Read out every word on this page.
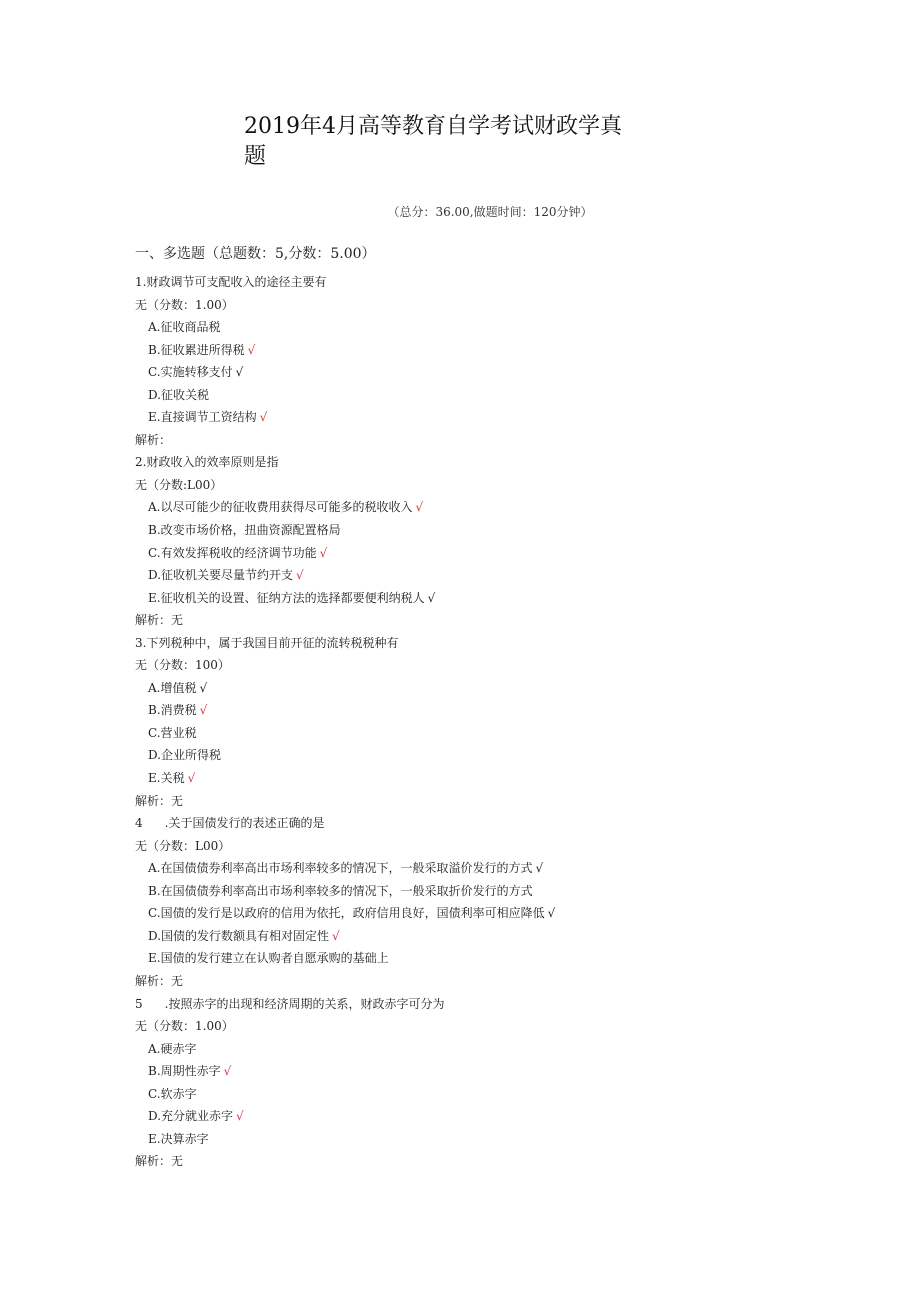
2019年4月高等教育自学考试财政学真题
（总分：36.00,做题时间：120分钟）
一、多选题（总题数：5,分数：5.00）
1.财政调节可支配收入的途径主要有
无（分数：1.00）
A.征收商品税
B.征收累进所得税 √
C.实施转移支付 √
D.征收关税
E.直接调节工资结构 √
解析：
2.财政收入的效率原则是指
无（分数:L00）
A.以尽可能少的征收费用获得尽可能多的税收收入 √
B.改变市场价格，扭曲资源配置格局
C.有效发挥税收的经济调节功能 √
D.征收机关要尽量节约开支 √
E.征收机关的设置、征纳方法的选择都要便利纳税人 √
解析：无
3.下列税种中，属于我国目前开征的流转税税种有
无（分数：100）
A.增值税 √
B.消费税 √
C.营业税
D.企业所得税
E.关税 √
解析：无
4 .关于国债发行的表述正确的是
无（分数：L00）
A.在国债债券利率高出市场利率较多的情况下，一般采取溢价发行的方式 √
B.在国债债券利率高出市场利率较多的情况下，一般采取折价发行的方式
C.国债的发行是以政府的信用为依托，政府信用良好，国债利率可相应降低 √
D.国债的发行数额具有相对固定性 √
E.国债的发行建立在认购者自愿承购的基础上
解析：无
5 .按照赤字的出现和经济周期的关系，财政赤字可分为
无（分数：1.00）
A.硬赤字
B.周期性赤字 √
C.软赤字
D.充分就业赤字 √
E.决算赤字
解析：无
